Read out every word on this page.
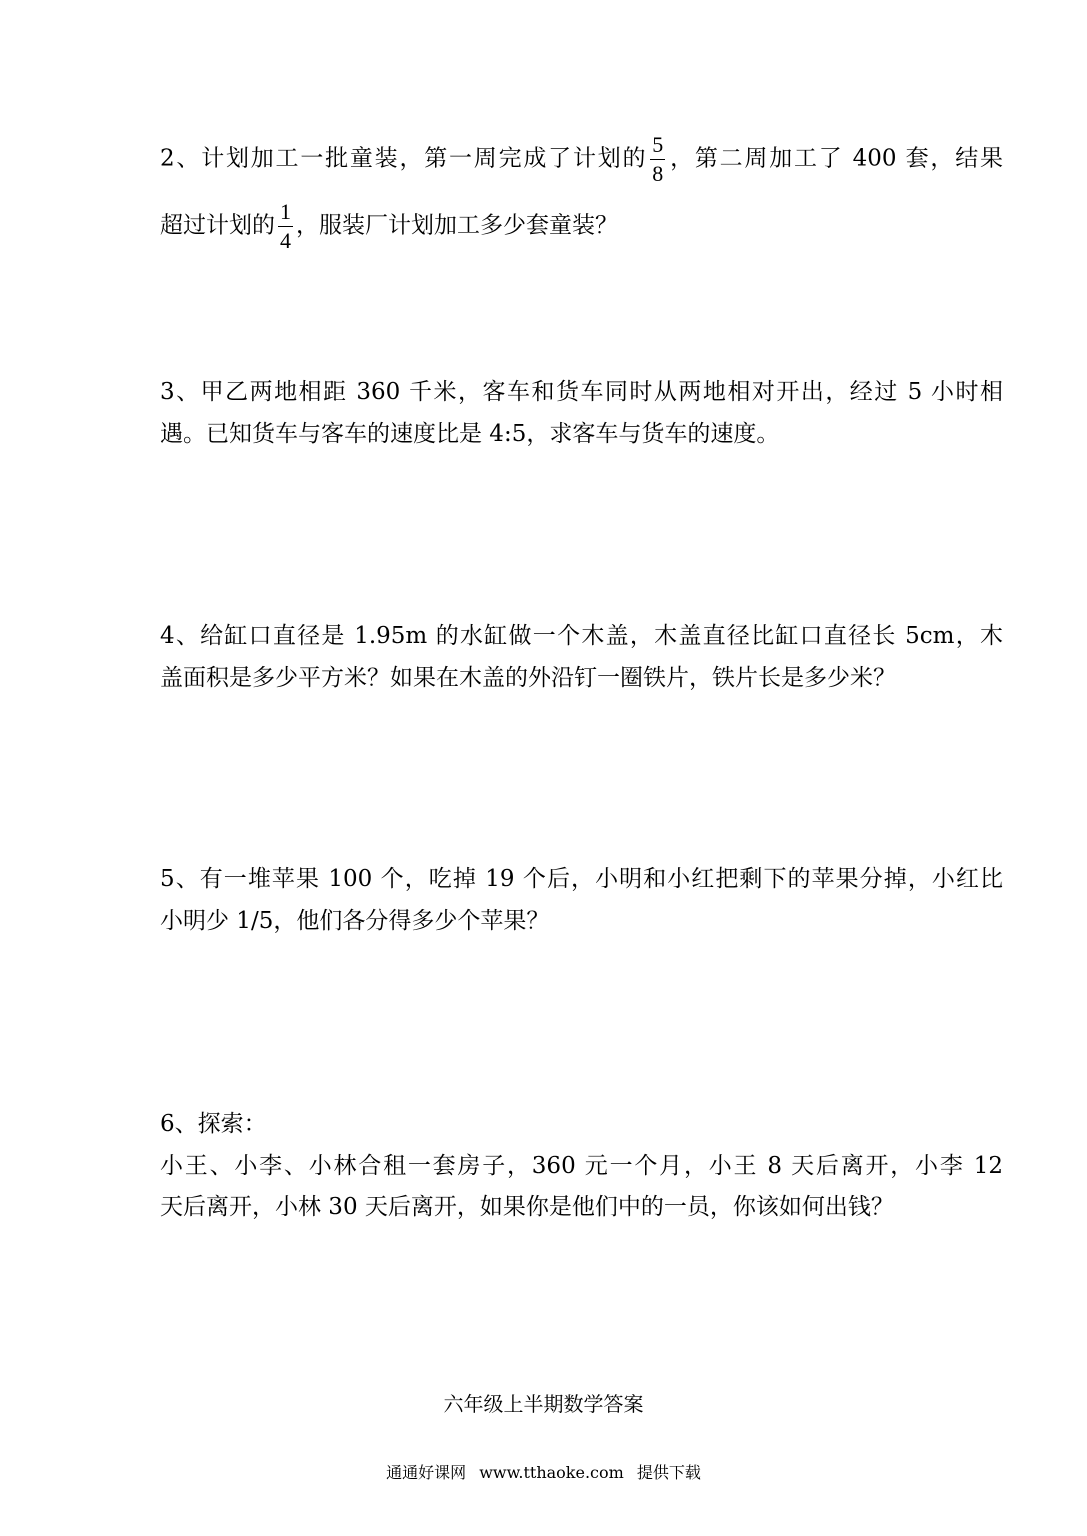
2、计划加工一批童装，第一周完成了计划的 $\frac{5}{8}$ ，第二周加工了 400 套，结果
超过计划的 $\frac{1}{4}$ ，服装厂计划加工多少套童装？
3、甲乙两地相距 360 千米，客车和货车同时从两地相对开出，经过 5 小时相
遇。已知货车与客车的速度比是 4:5，求客车与货车的速度。
4、给缸口直径是 1.95m 的水缸做一个木盖，木盖直径比缸口直径长 5cm，木
盖面积是多少平方米？如果在木盖的外沿钉一圈铁片，铁片长是多少米？
5、有一堆苹果 100 个，吃掉 19 个后，小明和小红把剩下的苹果分掉，小红比
小明少 1/5，他们各分得多少个苹果？
6、探索：
小王、小李、小林合租一套房子，360 元一个月，小王 8 天后离开，小李 12
天后离开，小林 30 天后离开，如果你是他们中的一员，你该如何出钱？
六年级上半期数学答案
通通好课网 www.tthaoke.com 提供下载
